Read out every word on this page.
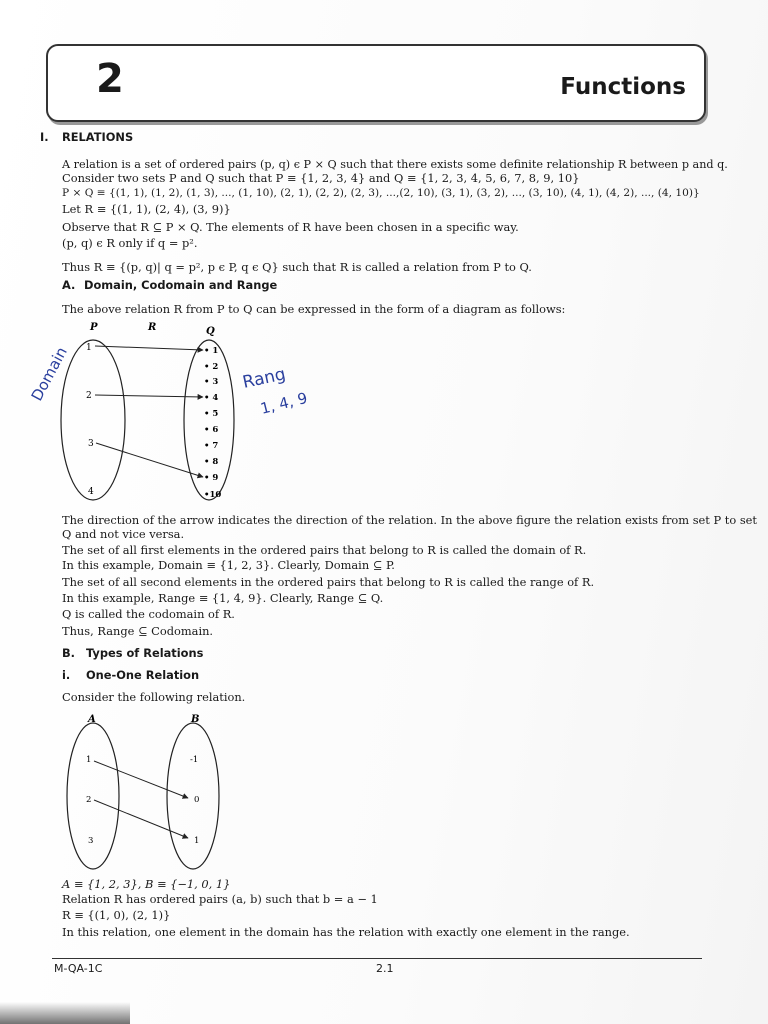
2	Functions
I. RELATIONS
A relation is a set of ordered pairs (p, q) ϵ P × Q such that there exists some definite relationship R between p and q.
Consider two sets P and Q such that P ≡ {1, 2, 3, 4} and Q ≡ {1, 2, 3, 4, 5, 6, 7, 8, 9, 10}
P × Q ≡ {(1, 1), (1, 2), (1, 3), ..., (1, 10), (2, 1), (2, 2), (2, 3), ...,(2, 10), (3, 1), (3, 2), ..., (3, 10), (4, 1), (4, 2), ..., (4, 10)}
Let R ≡ {(1, 1), (2, 4), (3, 9)}
Observe that R ⊆ P × Q. The elements of R have been chosen in a specific way.
(p, q) ϵ R only if q = p².
Thus R ≡ {(p, q)| q = p², p ϵ P, q ϵ Q} such that R is called a relation from P to Q.
A. Domain, Codomain and Range
The above relation R from P to Q can be expressed in the form of a diagram as follows:
P	R	Q
1
2
3
4
• 1
• 2
• 3
• 4
• 5
• 6
• 7
• 8
• 9
•10
Domain	Rang
1, 4, 9
The direction of the arrow indicates the direction of the relation. In the above figure the relation exists from set P to set
Q and not vice versa.
The set of all first elements in the ordered pairs that belong to R is called the domain of R.
In this example, Domain ≡ {1, 2, 3}. Clearly, Domain ⊆ P.
The set of all second elements in the ordered pairs that belong to R is called the range of R.
In this example, Range ≡ {1, 4, 9}. Clearly, Range ⊆ Q.
Q is called the codomain of R.
Thus, Range ⊆ Codomain.
B. Types of Relations
i. One-One Relation
Consider the following relation.
A	B
1
2
3
-1
0
1
A ≡ {1, 2, 3}, B ≡ {−1, 0, 1}
Relation R has ordered pairs (a, b) such that b = a − 1
R ≡ {(1, 0), (2, 1)}
In this relation, one element in the domain has the relation with exactly one element in the range.
M-QA-1C	2.1
